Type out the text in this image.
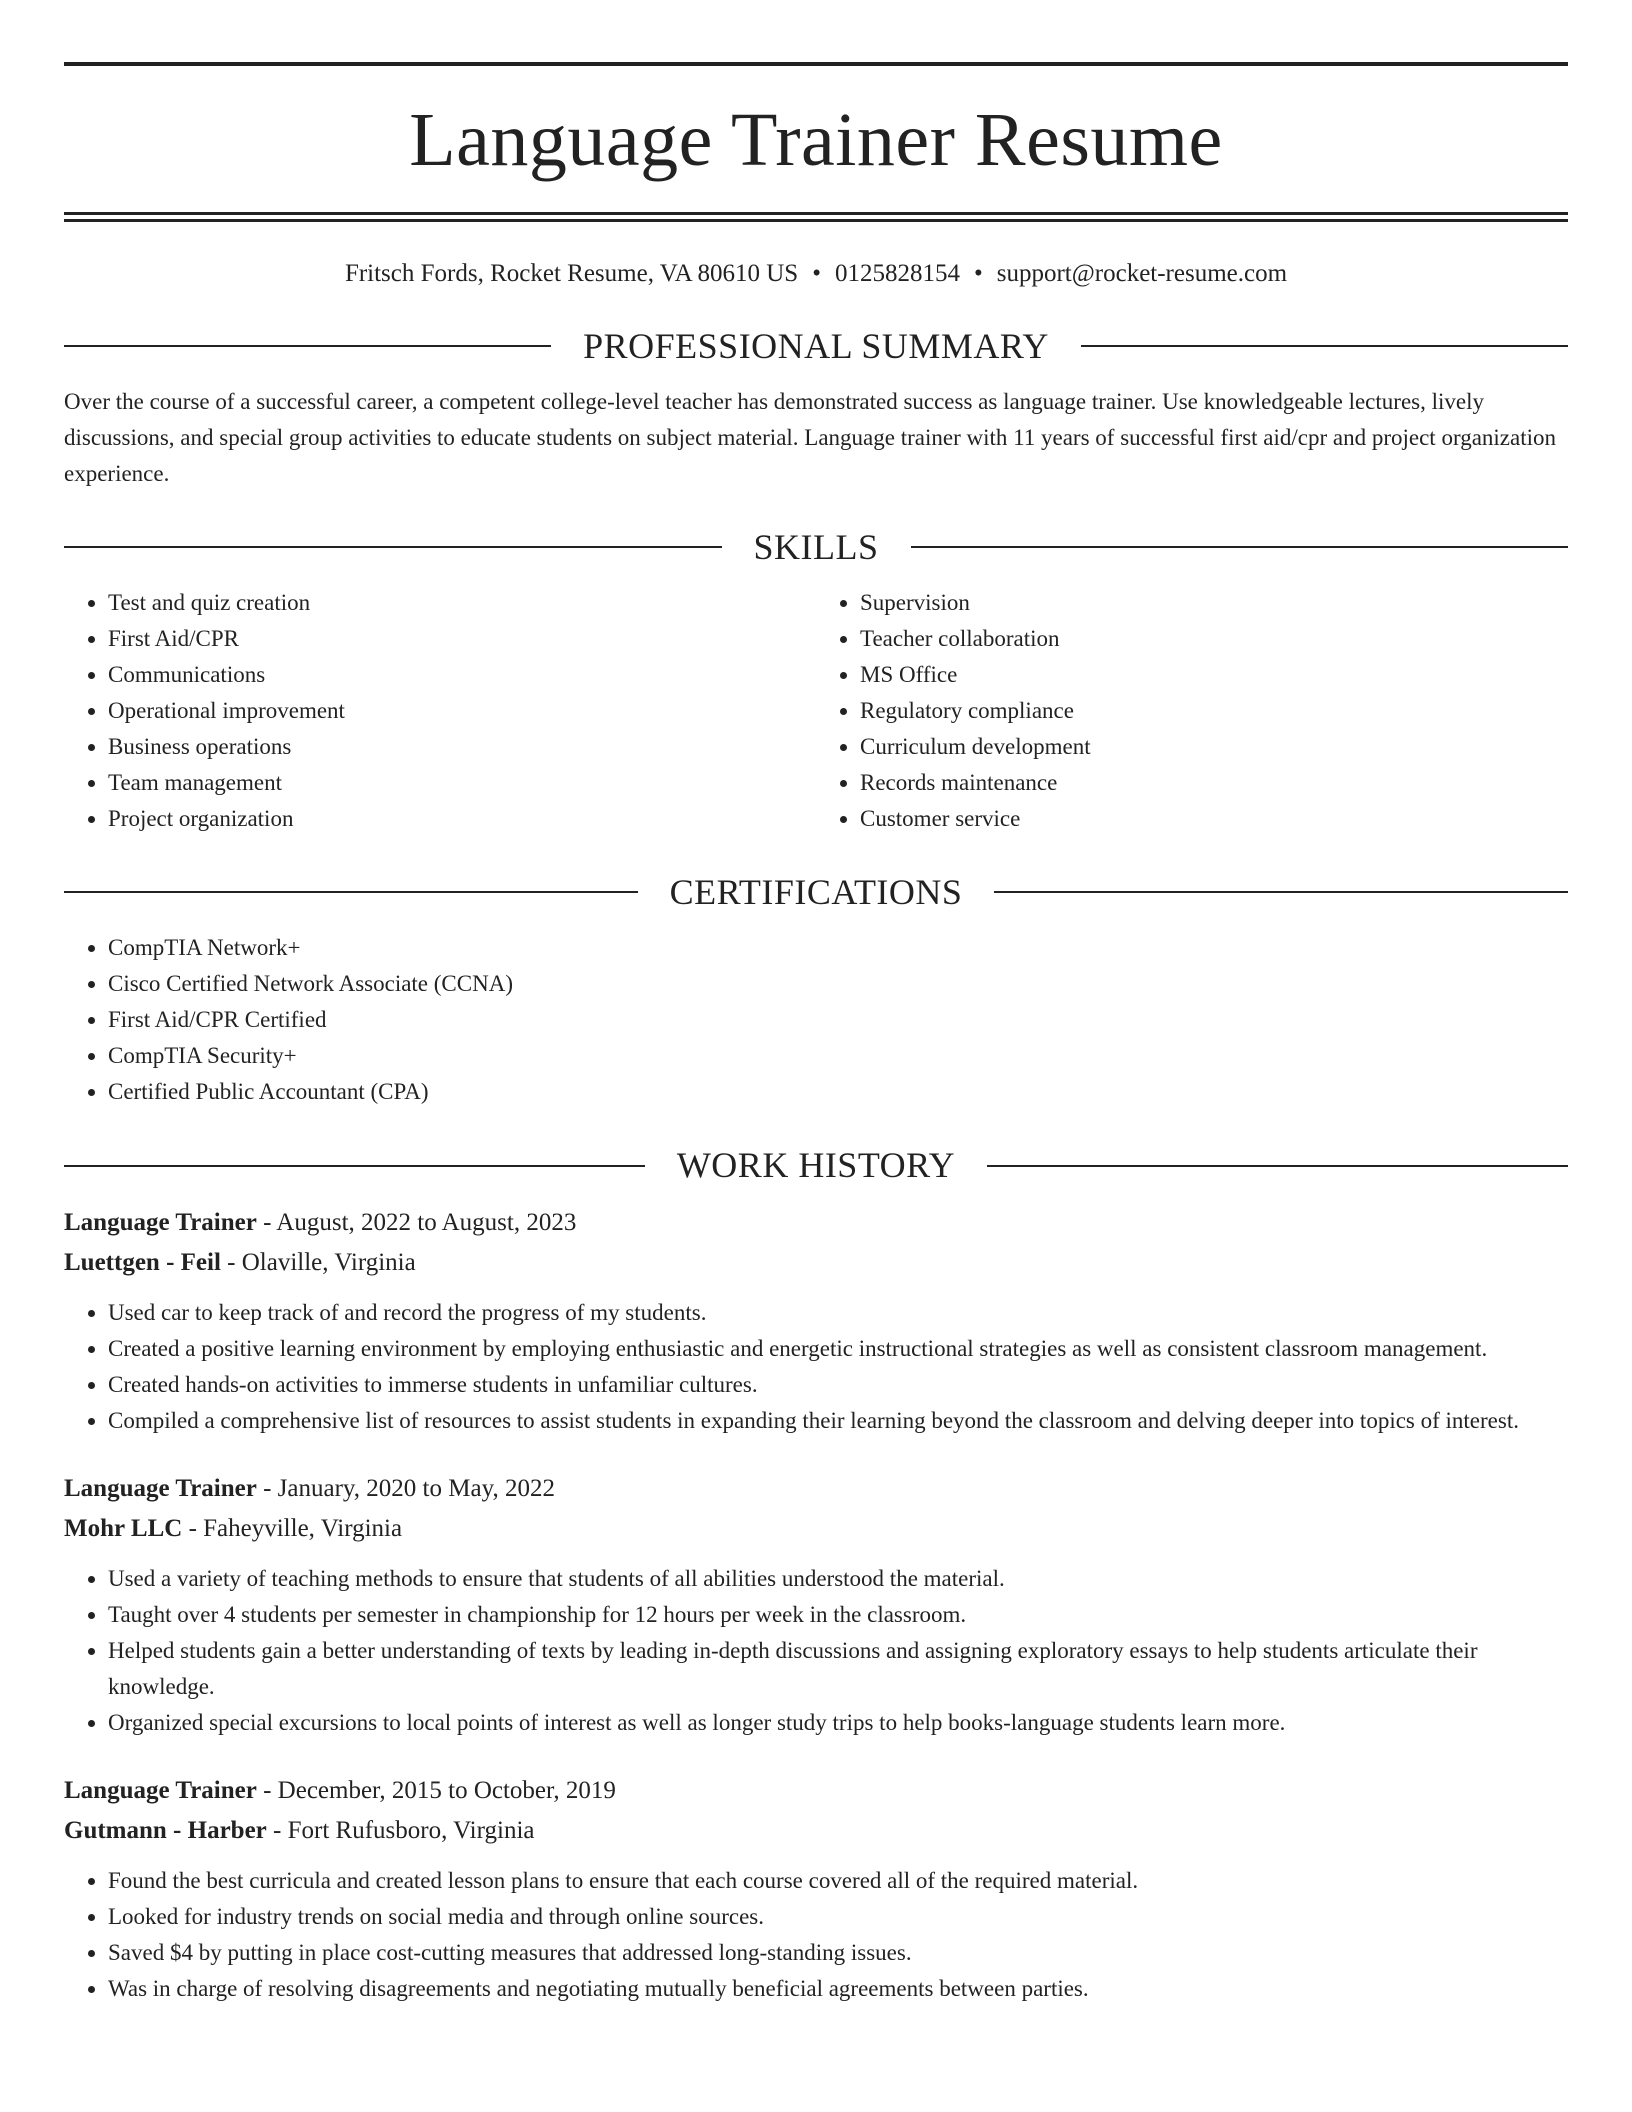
Language Trainer Resume
Fritsch Fords, Rocket Resume, VA 80610 US • 0125828154 • support@rocket-resume.com
PROFESSIONAL SUMMARY

Over the course of a successful career, a competent college-level teacher has demonstrated success as language trainer. Use knowledgeable lectures, lively discussions, and special group activities to educate students on subject material. Language trainer with 11 years of successful first aid/cpr and project organization experience.

SKILLS
• Test and quiz creation
• First Aid/CPR
• Communications
• Operational improvement
• Business operations
• Team management
• Project organization
• Supervision
• Teacher collaboration
• MS Office
• Regulatory compliance
• Curriculum development
• Records maintenance
• Customer service
CERTIFICATIONS
• CompTIA Network+
• Cisco Certified Network Associate (CCNA)
• First Aid/CPR Certified
• CompTIA Security+
• Certified Public Accountant (CPA)
WORK HISTORY
Language Trainer - August, 2022 to August, 2023
Luettgen - Feil - Olaville, Virginia
• Used car to keep track of and record the progress of my students.
• Created a positive learning environment by employing enthusiastic and energetic instructional strategies as well as consistent classroom management.
• Created hands-on activities to immerse students in unfamiliar cultures.
• Compiled a comprehensive list of resources to assist students in expanding their learning beyond the classroom and delving deeper into topics of interest.
Language Trainer - January, 2020 to May, 2022
Mohr LLC - Faheyville, Virginia
• Used a variety of teaching methods to ensure that students of all abilities understood the material.
• Taught over 4 students per semester in championship for 12 hours per week in the classroom.
• Helped students gain a better understanding of texts by leading in-depth discussions and assigning exploratory essays to help students articulate their knowledge.
• Organized special excursions to local points of interest as well as longer study trips to help books-language students learn more.
Language Trainer - December, 2015 to October, 2019
Gutmann - Harber - Fort Rufusboro, Virginia
• Found the best curricula and created lesson plans to ensure that each course covered all of the required material.
• Looked for industry trends on social media and through online sources.
• Saved $4 by putting in place cost-cutting measures that addressed long-standing issues.
• Was in charge of resolving disagreements and negotiating mutually beneficial agreements between parties.
